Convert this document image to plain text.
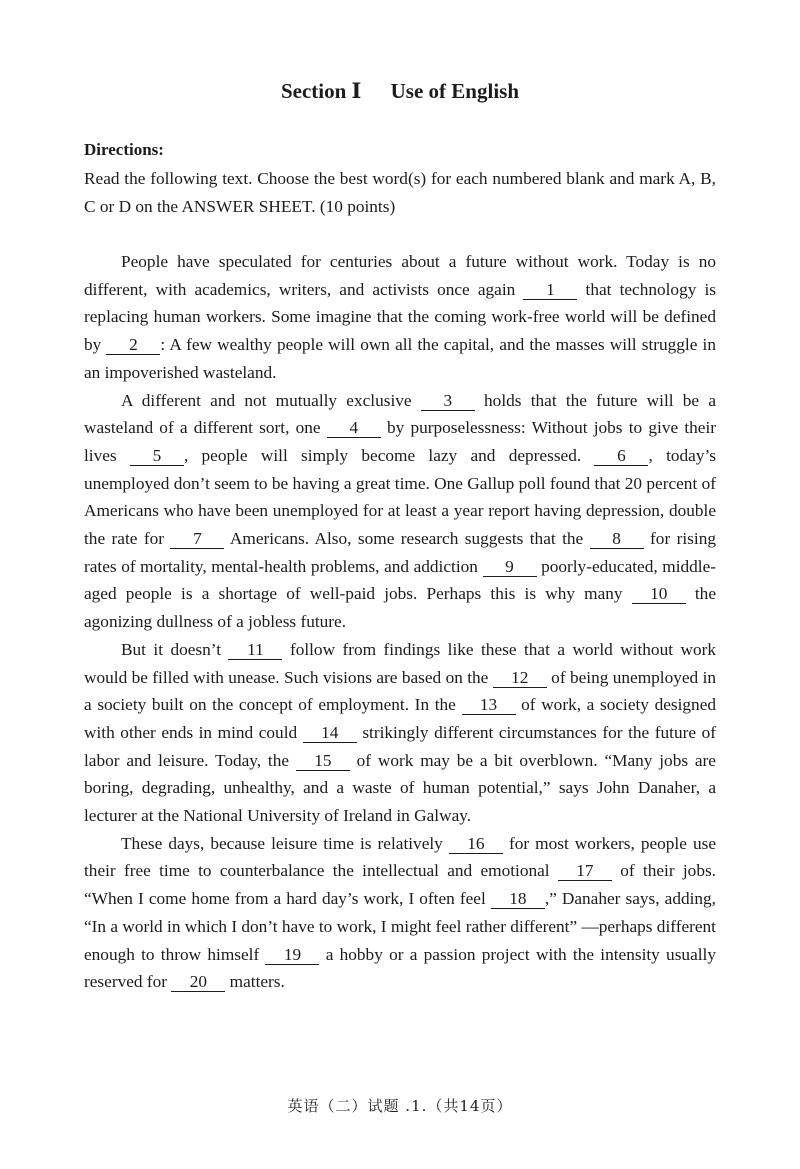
Section Ⅰ Use of English
Directions:
Read the following text. Choose the best word(s) for each numbered blank and mark A, B, C or D on the ANSWER SHEET. (10 points)

People have speculated for centuries about a future without work. Today is no different, with academics, writers, and activists once again 1 that technology is replacing human workers. Some imagine that the coming work-free world will be defined by 2 : A few wealthy people will own all the capital, and the masses will struggle in an impoverished wasteland.

A different and not mutually exclusive 3 holds that the future will be a wasteland of a different sort, one 4 by purposelessness: Without jobs to give their lives 5 , people will simply become lazy and depressed. 6 , today’s unemployed don’t seem to be having a great time. One Gallup poll found that 20 percent of Americans who have been unemployed for at least a year report having depression, double the rate for 7 Americans. Also, some research suggests that the 8 for rising rates of mortality, mental-health problems, and addiction 9 poorly-educated, middle-aged people is a shortage of well-paid jobs. Perhaps this is why many 10 the agonizing dullness of a jobless future.

But it doesn’t 11 follow from findings like these that a world without work would be filled with unease. Such visions are based on the 12 of being unemployed in a society built on the concept of employment. In the 13 of work, a society designed with other ends in mind could 14 strikingly different circumstances for the future of labor and leisure. Today, the 15 of work may be a bit overblown. “Many jobs are boring, degrading, unhealthy, and a waste of human potential,” says John Danaher, a lecturer at the National University of Ireland in Galway.

These days, because leisure time is relatively 16 for most workers, people use their free time to counterbalance the intellectual and emotional 17 of their jobs. “When I come home from a hard day’s work, I often feel 18 ,” Danaher says, adding, “In a world in which I don’t have to work, I might feel rather different” —perhaps different enough to throw himself 19 a hobby or a passion project with the intensity usually reserved for 20 matters.

英语（二）试题 .1.（共14页）
